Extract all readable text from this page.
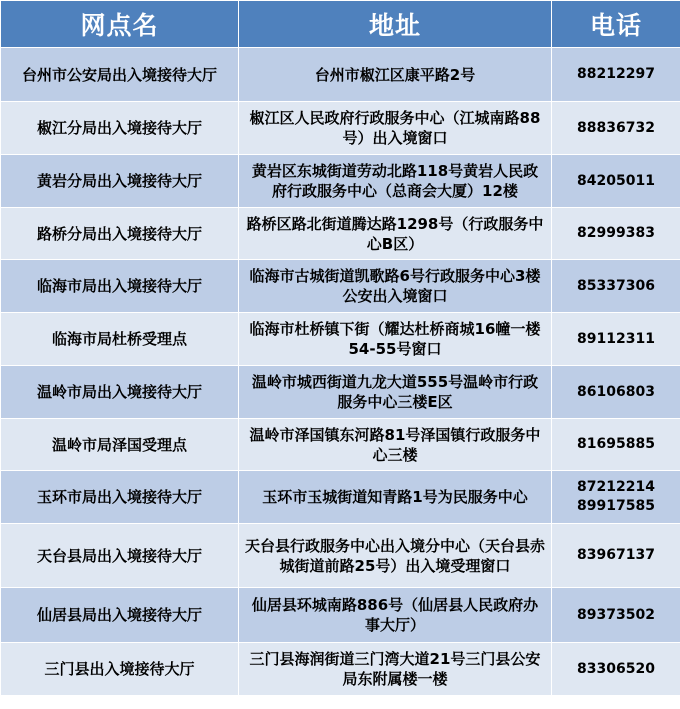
网点名	地址	电话
台州市公安局出入境接待大厅	台州市椒江区康平路2号	88212297

椒江分局出入境接待大厅	椒江区人民政府行政服务中心（江城南路88号）出入境窗口	88836732

黄岩分局出入境接待大厅	黄岩区东城街道劳动北路118号黄岩人民政府行政服务中心（总商会大厦）12楼	84205011

路桥分局出入境接待大厅	路桥区路北街道腾达路1298号（行政服务中心B区）	82999383

临海市局出入境接待大厅	临海市古城街道凯歌路6号行政服务中心3楼公安出入境窗口	85337306

临海市局杜桥受理点	临海市杜桥镇下街（耀达杜桥商城16幢一楼54-55号窗口	89112311

温岭市局出入境接待大厅	温岭市城西街道九龙大道555号温岭市行政服务中心三楼E区	86106803

温岭市局泽国受理点	温岭市泽国镇东河路81号泽国镇行政服务中心三楼	81695885

玉环市局出入境接待大厅	玉环市玉城街道知青路1号为民服务中心	87212214
89917585

天台县局出入境接待大厅	天台县行政服务中心出入境分中心（天台县赤城街道前路25号）出入境受理窗口	83967137

仙居县局出入境接待大厅	仙居县环城南路886号（仙居县人民政府办事大厅）	89373502

三门县出入境接待大厅	三门县海润街道三门湾大道21号三门县公安局东附属楼一楼	83306520
